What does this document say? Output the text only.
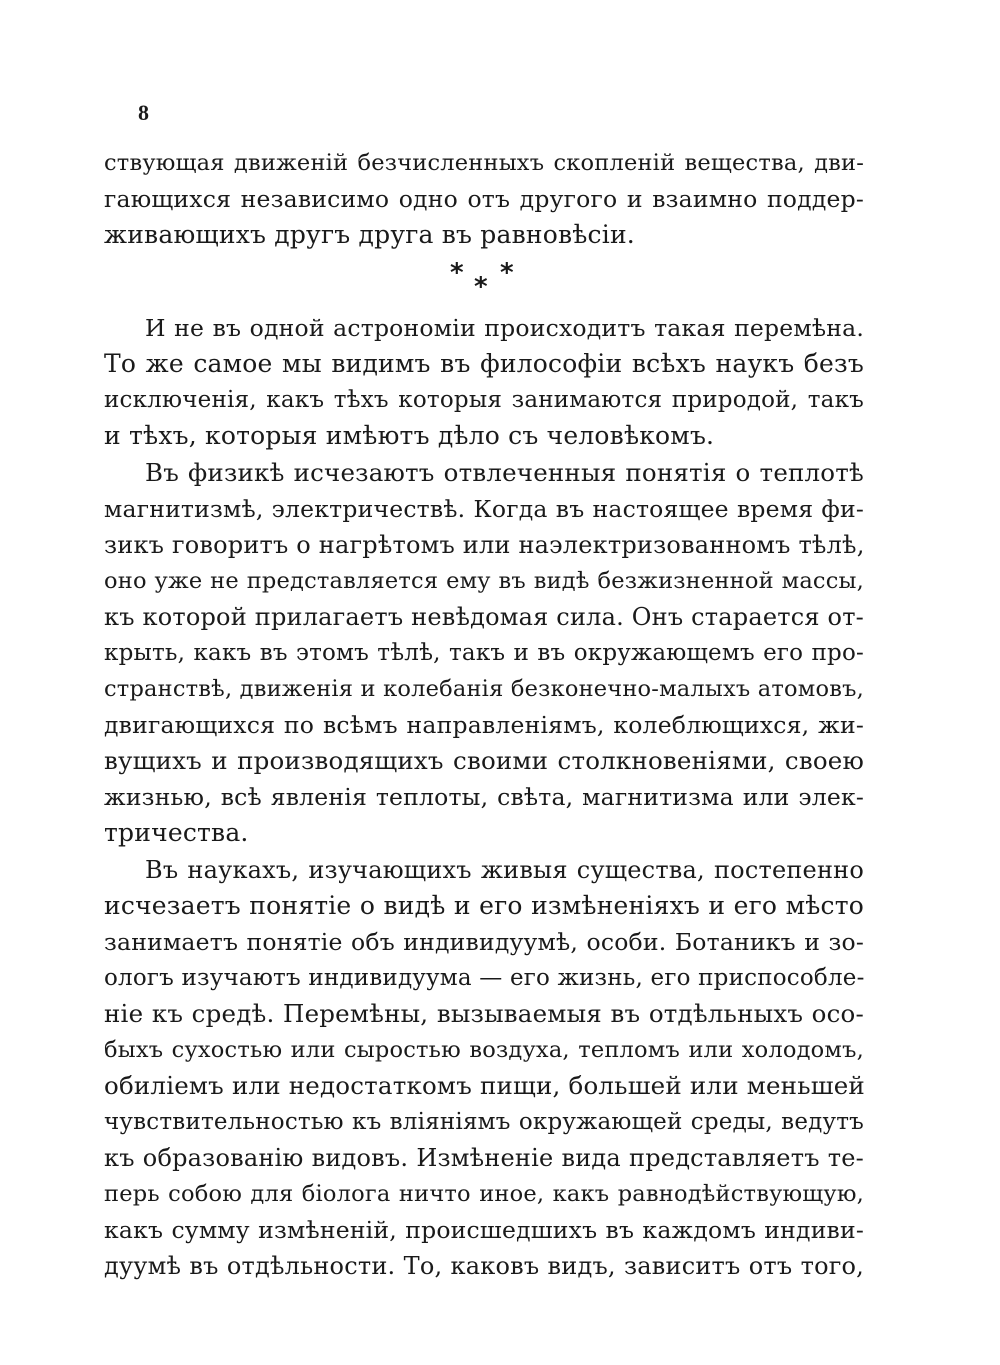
8
ствующая движенiй безчисленныхъ скопленiй вещества, дви-
гающихся независимо одно отъ другого и взаимно поддер-
живающихъ другъ друга въ равновѣсiи.
* * *
И не въ одной астрономiи происходитъ такая перемѣна.
То же самое мы видимъ въ философiи всѣхъ наукъ безъ
исключенiя, какъ тѣхъ которыя занимаются природой, такъ
и тѣхъ, которыя имѣютъ дѣло съ человѣкомъ.
Въ физикѣ исчезаютъ отвлеченныя понятiя о теплотѣ
магнитизмѣ, электричествѣ. Когда въ настоящее время фи-
зикъ говоритъ о нагрѣтомъ или наэлектризованномъ тѣлѣ,
оно уже не представляется ему въ видѣ безжизненной массы,
къ которой прилагаетъ невѣдомая сила. Онъ старается от-
крыть, какъ въ этомъ тѣлѣ, такъ и въ окружающемъ его про-
странствѣ, движенiя и колебанiя безконечно-малыхъ атомовъ,
двигающихся по всѣмъ направленiямъ, колеблющихся, жи-
вущихъ и производящихъ своими столкновенiями, своею
жизнью, всѣ явленiя теплоты, свѣта, магнитизма или элек-
тричества.
Въ наукахъ, изучающихъ живыя существа, постепенно
исчезаетъ понятiе о видѣ и его измѣненiяхъ и его мѣсто
занимаетъ понятiе объ индивидуумѣ, особи. Ботаникъ и зо-
ологъ изучаютъ индивидуума — его жизнь, его приспособле-
нiе къ средѣ. Перемѣны, вызываемыя въ отдѣльныхъ осо-
быхъ сухостью или сыростью воздуха, тепломъ или холодомъ,
обилiемъ или недостаткомъ пищи, большей или меньшей
чувствительностью къ влiянiямъ окружающей среды, ведутъ
къ образованiю видовъ. Измѣненiе вида представляетъ те-
перь собою для бiолога ничто иное, какъ равнодѣйствующую,
какъ сумму измѣненiй, происшедшихъ въ каждомъ индиви-
дуумѣ въ отдѣльности. То, каковъ видъ, зависитъ отъ того,
